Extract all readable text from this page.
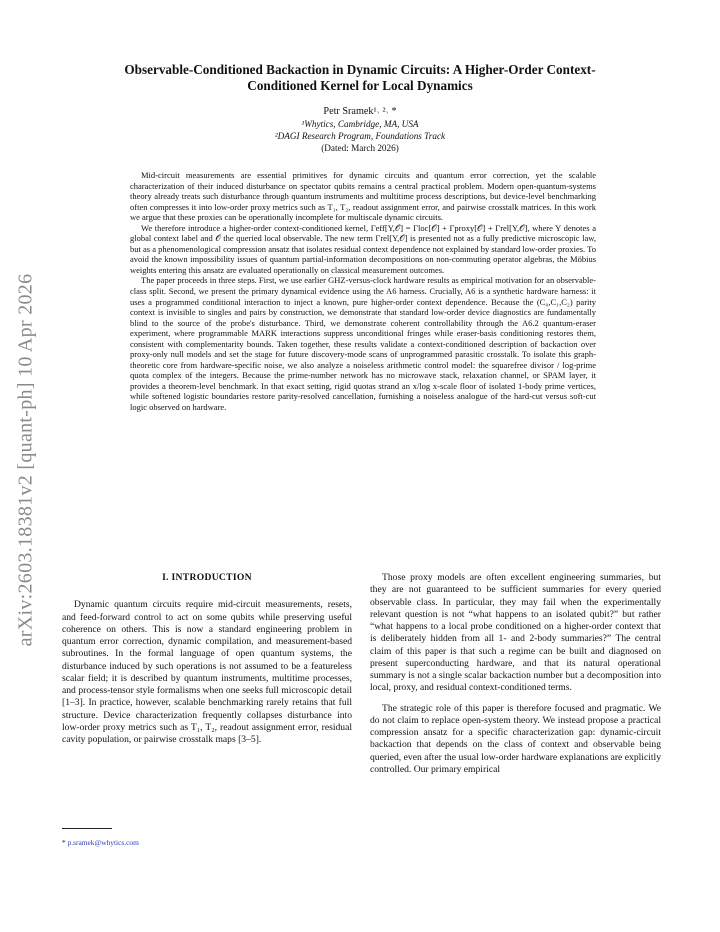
arXiv:2603.18381v2 [quant-ph] 10 Apr 2026
Observable-Conditioned Backaction in Dynamic Circuits: A Higher-Order Context-Conditioned Kernel for Local Dynamics
Petr Sramek¹˒ ²˒ *
¹Whytics, Cambridge, MA, USA
²DAGI Research Program, Foundations Track
(Dated: March 2026)

Mid-circuit measurements are essential primitives for dynamic circuits and quantum error correction, yet the scalable characterization of their induced disturbance on spectator qubits remains a central practical problem. Modern open-quantum-systems theory already treats such disturbance through quantum instruments and multitime process descriptions, but device-level benchmarking often compresses it into low-order proxy metrics such as T₁, T₂, readout assignment error, and pairwise crosstalk matrices. In this work we argue that these proxies can be operationally incomplete for multiscale dynamic circuits.

We therefore introduce a higher-order context-conditioned kernel, Γeff[Y,𝒪] = Γloc[𝒪] + Γproxy[𝒪] + Γrel[Y,𝒪], where Y denotes a global context label and 𝒪 the queried local observable. The new term Γrel[Y,𝒪] is presented not as a fully predictive microscopic law, but as a phenomenological compression ansatz that isolates residual context dependence not explained by standard low-order proxies. To avoid the known impossibility issues of quantum partial-information decompositions on non-commuting operator algebras, the Möbius weights entering this ansatz are evaluated operationally on classical measurement outcomes.

The paper proceeds in three steps. First, we use earlier GHZ-versus-clock hardware results as empirical motivation for an observable-class split. Second, we present the primary dynamical evidence using the A6 harness. Crucially, A6 is a synthetic hardware harness: it uses a programmed conditional interaction to inject a known, pure higher-order context dependence. Because the (C₀,C₁,C₂) parity context is invisible to singles and pairs by construction, we demonstrate that standard low-order device diagnostics are fundamentally blind to the source of the probe's disturbance. Third, we demonstrate coherent controllability through the A6.2 quantum-eraser experiment, where programmable MARK interactions suppress unconditional fringes while eraser-basis conditioning restores them, consistent with complementarity bounds. Taken together, these results validate a context-conditioned description of backaction over proxy-only null models and set the stage for future discovery-mode scans of unprogrammed parasitic crosstalk. To isolate this graph-theoretic core from hardware-specific noise, we also analyze a noiseless arithmetic control model: the squarefree divisor / log-prime quota complex of the integers. Because the prime-number network has no microwave stack, relaxation channel, or SPAM layer, it provides a theorem-level benchmark. In that exact setting, rigid quotas strand an x/log x-scale floor of isolated 1-body prime vertices, while softened logistic boundaries restore parity-resolved cancellation, furnishing a noiseless analogue of the hard-cut versus soft-cut logic observed on hardware.

I. INTRODUCTION

Dynamic quantum circuits require mid-circuit measurements, resets, and feed-forward control to act on some qubits while preserving useful coherence on others. This is now a standard engineering problem in quantum error correction, dynamic compilation, and measurement-based subroutines. In the formal language of open quantum systems, the disturbance induced by such operations is not assumed to be a featureless scalar field; it is described by quantum instruments, multitime processes, and process-tensor style formalisms when one seeks full microscopic detail [1–3]. In practice, however, scalable benchmarking rarely retains that full structure. Device characterization frequently collapses disturbance into low-order proxy metrics such as T₁, T₂, readout assignment error, residual cavity population, or pairwise crosstalk maps [3–5].

Those proxy models are often excellent engineering summaries, but they are not guaranteed to be sufficient summaries for every queried observable class. In particular, they may fail when the experimentally relevant question is not “what happens to an isolated qubit?” but rather “what happens to a local probe conditioned on a higher-order context that is deliberately hidden from all 1- and 2-body summaries?” The central claim of this paper is that such a regime can be built and diagnosed on present superconducting hardware, and that its natural operational summary is not a single scalar backaction number but a decomposition into local, proxy, and residual context-conditioned terms.

The strategic role of this paper is therefore focused and pragmatic. We do not claim to replace open-system theory. We instead propose a practical compression ansatz for a specific characterization gap: dynamic-circuit backaction that depends on the class of context and observable being queried, even after the usual low-order hardware explanations are explicitly controlled. Our primary empirical

* p.sramek@whytics.com
